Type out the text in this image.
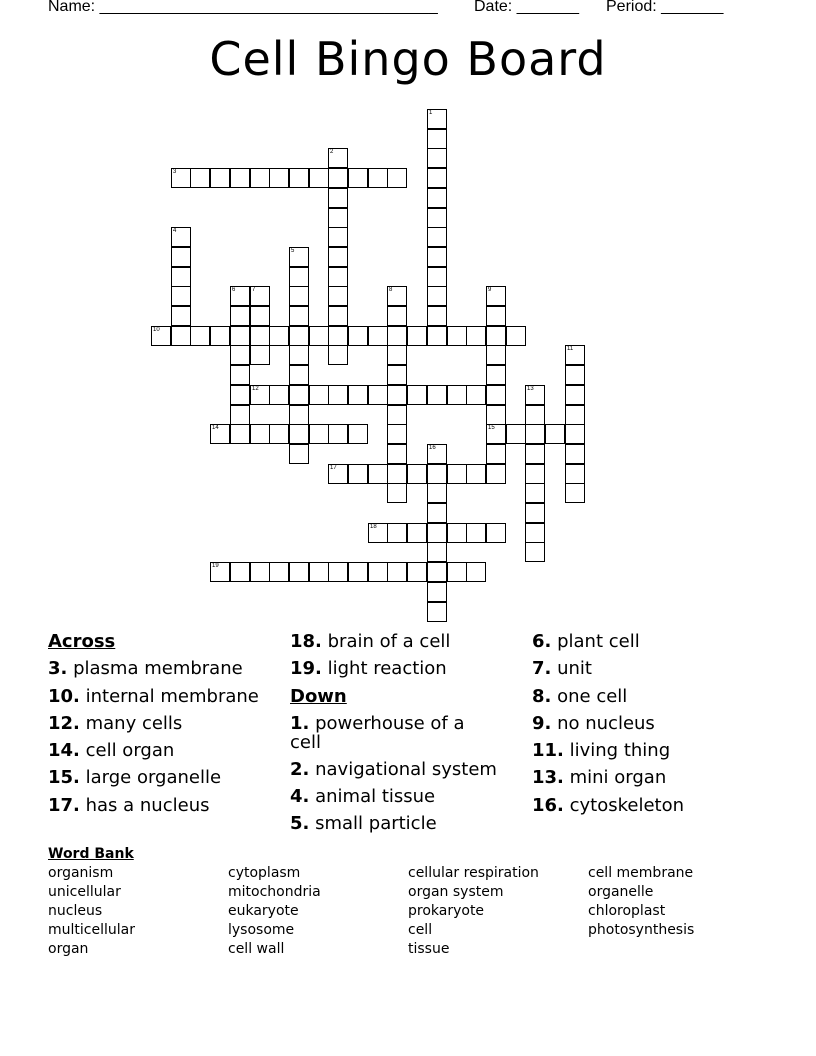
Name: ______________________________________ Date: _______ Period: _______
Cell Bingo Board
1
2
3
4
5
6	7	8	9
15
10
11
12	13
14
16
17
18
19
Across
3. plasma membrane
10. internal membrane
12. many cells
14. cell organ
15. large organelle
17. has a nucleus
18. brain of a cell
19. light reaction
Down
1. powerhouse of a cell
2. navigational system
4. animal tissue
5. small particle
6. plant cell
7. unit
8. one cell
9. no nucleus
11. living thing
13. mini organ
16. cytoskeleton
Word Bank
organism
unicellular
nucleus
multicellular
organ
cytoplasm
mitochondria
eukaryote
lysosome
cell wall
cellular respiration
organ system
prokaryote
cell
tissue
cell membrane
organelle
chloroplast
photosynthesis
